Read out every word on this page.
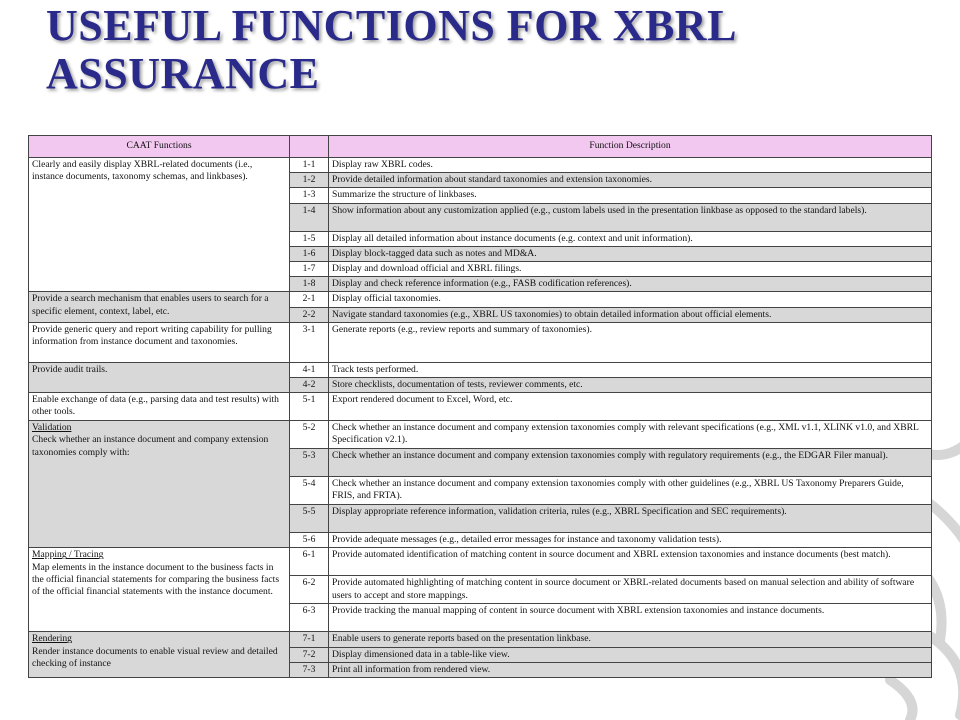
USEFUL FUNCTIONS FOR XBRL
ASSURANCE
CAAT Functions		Function Description
Clearly and easily display XBRL-related documents (i.e., instance documents, taxonomy schemas, and linkbases).	1-1	Display raw XBRL codes.
	1-2	Provide detailed information about standard taxonomies and extension taxonomies.
	1-3	Summarize the structure of linkbases.
	1-4	Show information about any customization applied (e.g., custom labels used in the presentation linkbase as opposed to the standard labels).
	1-5	Display all detailed information about instance documents (e.g. context and unit information).
	1-6	Display block-tagged data such as notes and MD&A.
	1-7	Display and download official and XBRL filings.
	1-8	Display and check reference information (e.g., FASB codification references).
Provide a search mechanism that enables users to search for a specific element, context, label, etc.	2-1	Display official taxonomies.
	2-2	Navigate standard taxonomies (e.g., XBRL US taxonomies) to obtain detailed information about official elements.
Provide generic query and report writing capability for pulling information from instance document and taxonomies.	3-1	Generate reports (e.g., review reports and summary of taxonomies).
Provide audit trails.	4-1	Track tests performed.
	4-2	Store checklists, documentation of tests, reviewer comments, etc.
Enable exchange of data (e.g., parsing data and test results) with other tools.	5-1	Export rendered document to Excel, Word, etc.
Validation
Check whether an instance document and company extension taxonomies comply with:	5-2	Check whether an instance document and company extension taxonomies comply with relevant specifications (e.g., XML v1.1, XLINK v1.0, and XBRL Specification v2.1).
	5-3	Check whether an instance document and company extension taxonomies comply with regulatory requirements (e.g., the EDGAR Filer manual).
	5-4	Check whether an instance document and company extension taxonomies comply with other guidelines (e.g., XBRL US Taxonomy Preparers Guide, FRIS, and FRTA).
	5-5	Display appropriate reference information, validation criteria, rules (e.g., XBRL Specification and SEC requirements).
	5-6	Provide adequate messages (e.g., detailed error messages for instance and taxonomy validation tests).
Mapping / Tracing
Map elements in the instance document to the business facts in the official financial statements for comparing the business facts of the official financial statements with the instance document.	6-1	Provide automated identification of matching content in source document and XBRL extension taxonomies and instance documents (best match).
	6-2	Provide automated highlighting of matching content in source document or XBRL-related documents based on manual selection and ability of software users to accept and store mappings.
	6-3	Provide tracking the manual mapping of content in source document with XBRL extension taxonomies and instance documents.
Rendering
Render instance documents to enable visual review and detailed checking of instance	7-1	Enable users to generate reports based on the presentation linkbase.
	7-2	Display dimensioned data in a table-like view.
	7-3	Print all information from rendered view.
